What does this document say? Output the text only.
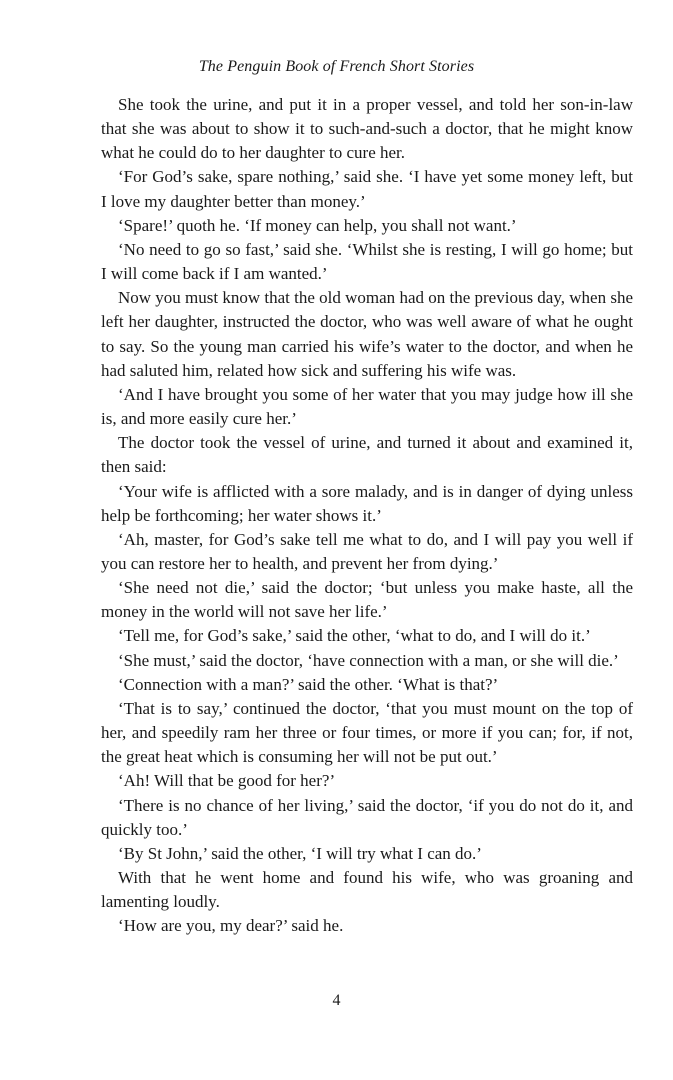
The Penguin Book of French Short Stories

She took the urine, and put it in a proper vessel, and told her son-in-law that she was about to show it to such-and-such a doctor, that he might know what he could do to her daughter to cure her.

‘For God’s sake, spare nothing,’ said she. ‘I have yet some money left, but I love my daughter better than money.’

‘Spare!’ quoth he. ‘If money can help, you shall not want.’

‘No need to go so fast,’ said she. ‘Whilst she is resting, I will go home; but I will come back if I am wanted.’

Now you must know that the old woman had on the previous day, when she left her daughter, instructed the doctor, who was well aware of what he ought to say. So the young man carried his wife’s water to the doctor, and when he had saluted him, related how sick and suffering his wife was.

‘And I have brought you some of her water that you may judge how ill she is, and more easily cure her.’

The doctor took the vessel of urine, and turned it about and examined it, then said:

‘Your wife is afflicted with a sore malady, and is in danger of dying unless help be forthcoming; her water shows it.’

‘Ah, master, for God’s sake tell me what to do, and I will pay you well if you can restore her to health, and prevent her from dying.’

‘She need not die,’ said the doctor; ‘but unless you make haste, all the money in the world will not save her life.’

‘Tell me, for God’s sake,’ said the other, ‘what to do, and I will do it.’

‘She must,’ said the doctor, ‘have connection with a man, or she will die.’

‘Connection with a man?’ said the other. ‘What is that?’

‘That is to say,’ continued the doctor, ‘that you must mount on the top of her, and speedily ram her three or four times, or more if you can; for, if not, the great heat which is consuming her will not be put out.’

‘Ah! Will that be good for her?’

‘There is no chance of her living,’ said the doctor, ‘if you do not do it, and quickly too.’

‘By St John,’ said the other, ‘I will try what I can do.’

With that he went home and found his wife, who was groaning and lamenting loudly.

‘How are you, my dear?’ said he.

4
